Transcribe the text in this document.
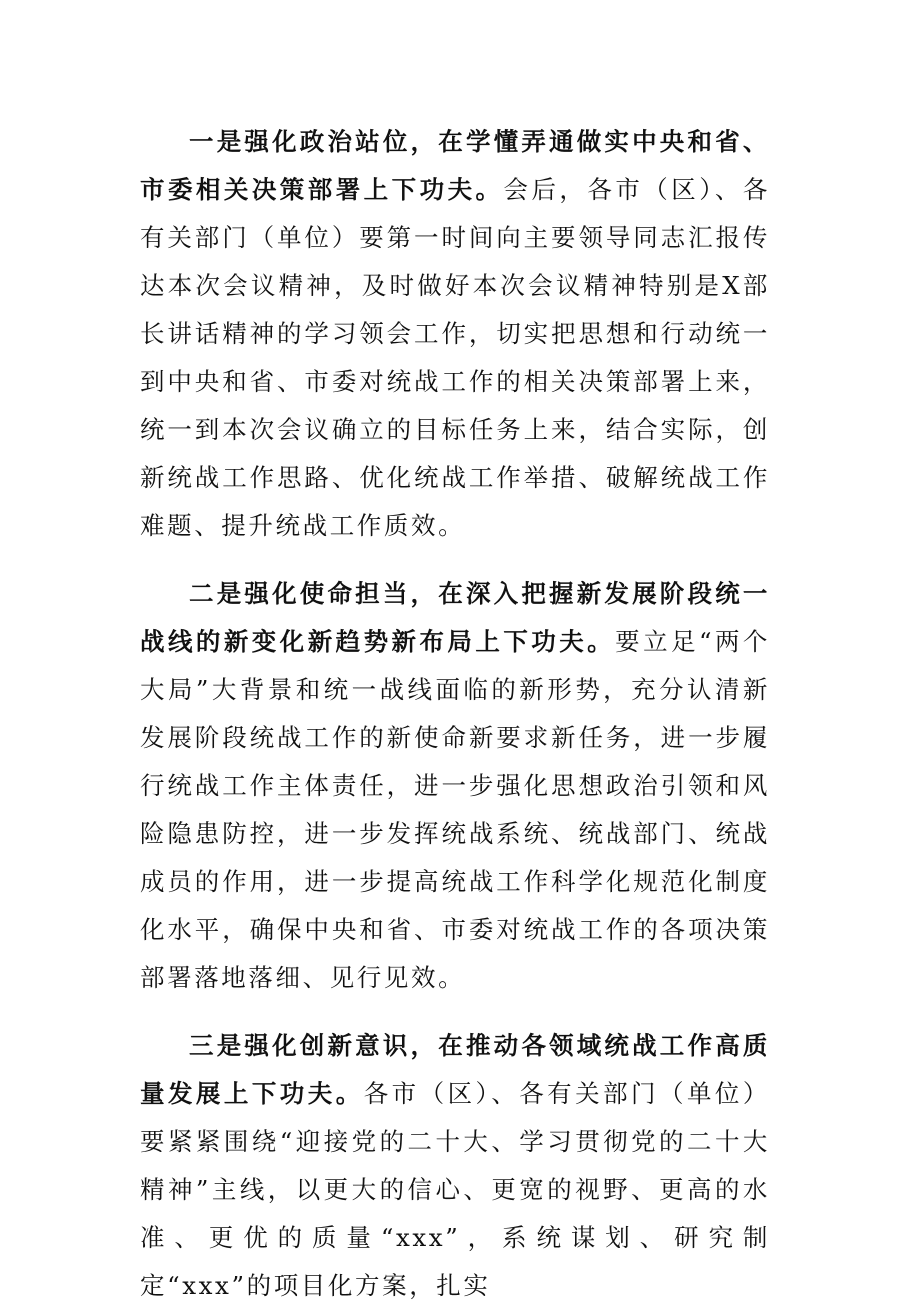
一是强化政治站位，在学懂弄通做实中央和省、市委相关决策部署上下功夫。会后，各市（区）、各有关部门（单位）要第一时间向主要领导同志汇报传达本次会议精神，及时做好本次会议精神特别是X部长讲话精神的学习领会工作，切实把思想和行动统一到中央和省、市委对统战工作的相关决策部署上来，统一到本次会议确立的目标任务上来，结合实际，创新统战工作思路、优化统战工作举措、破解统战工作难题、提升统战工作质效。

二是强化使命担当，在深入把握新发展阶段统一战线的新变化新趋势新布局上下功夫。要立足“两个大局”大背景和统一战线面临的新形势，充分认清新发展阶段统战工作的新使命新要求新任务，进一步履行统战工作主体责任，进一步强化思想政治引领和风险隐患防控，进一步发挥统战系统、统战部门、统战成员的作用，进一步提高统战工作科学化规范化制度化水平，确保中央和省、市委对统战工作的各项决策部署落地落细、见行见效。

三是强化创新意识，在推动各领域统战工作高质量发展上下功夫。各市（区）、各有关部门（单位）要紧紧围绕“迎接党的二十大、学习贯彻党的二十大精神”主线，以更大的信心、更宽的视野、更高的水准、更优的质量“xxx”，系统谋划、研究制定“xxx”的项目化方案，扎实
